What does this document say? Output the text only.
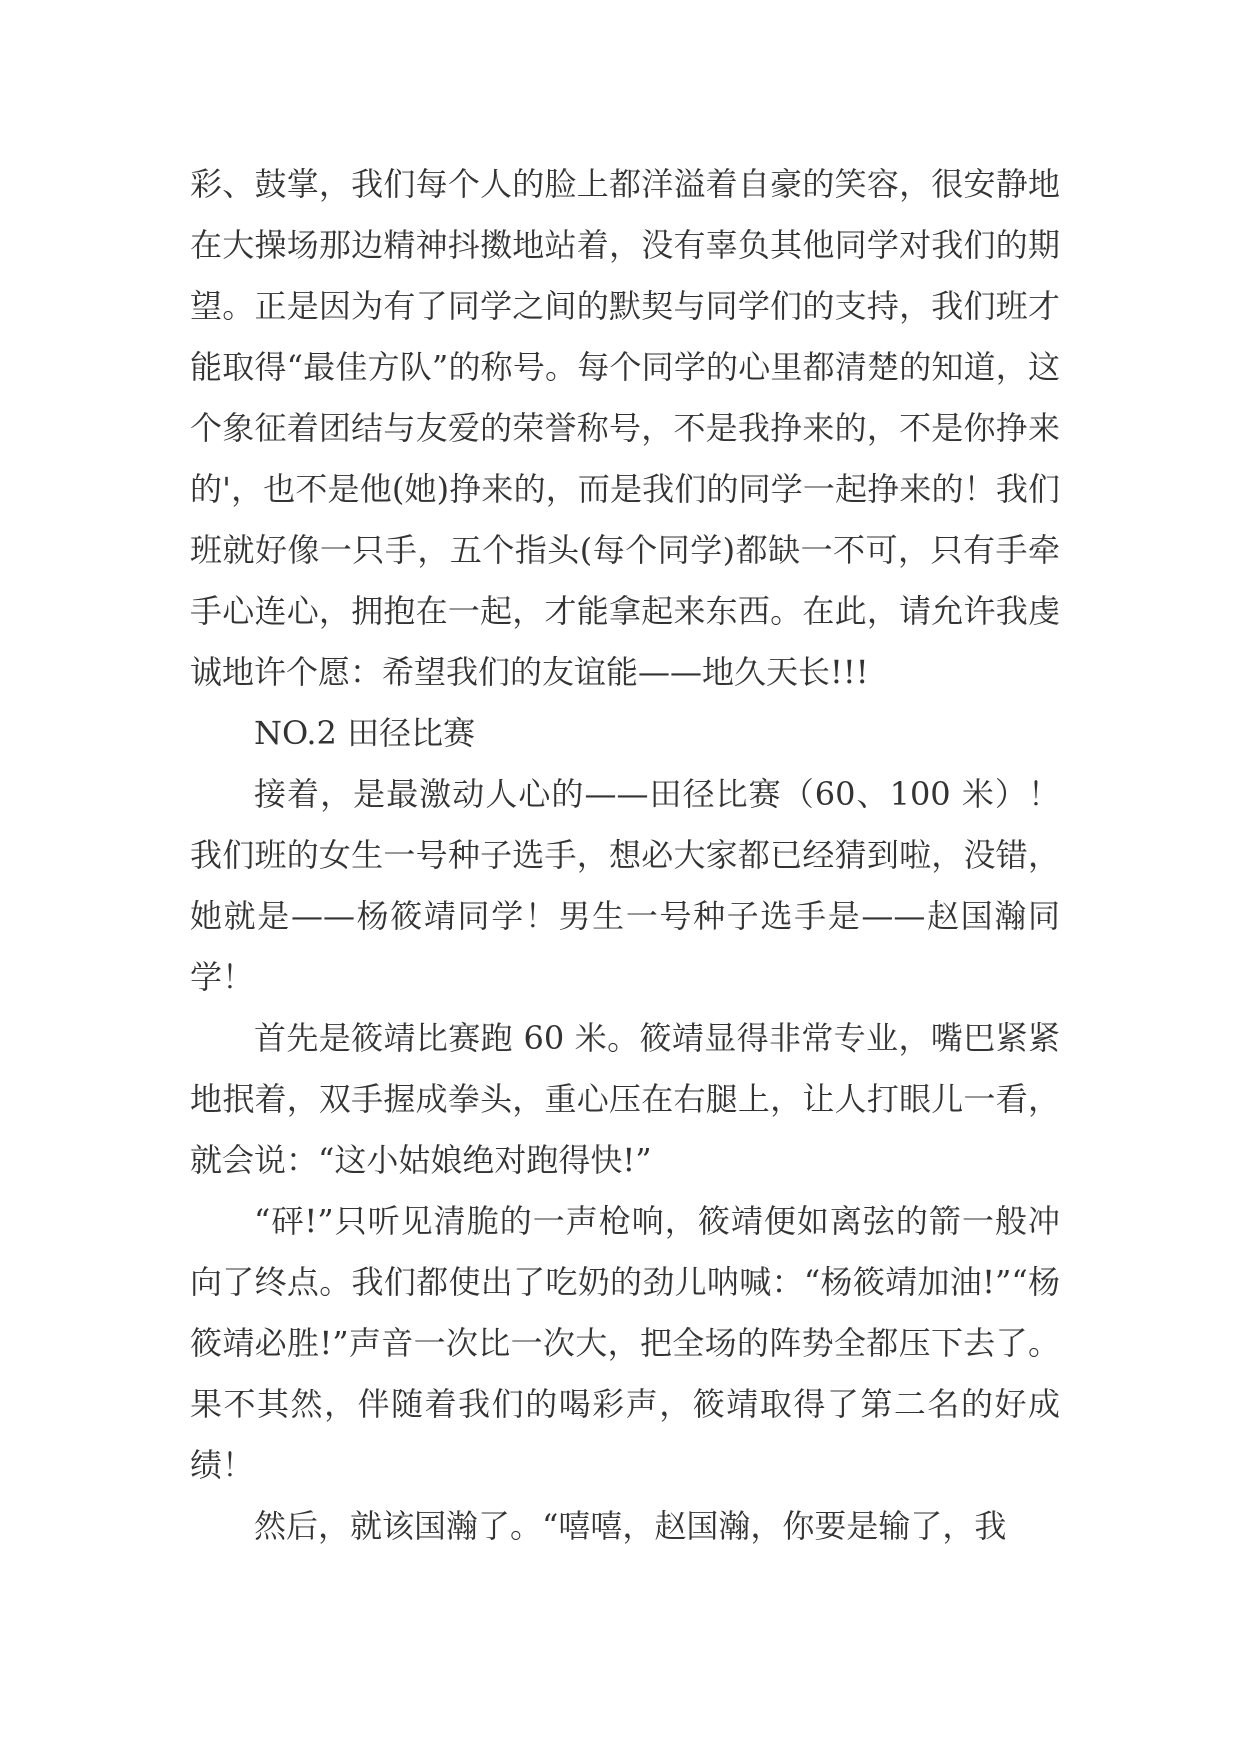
彩、鼓掌，我们每个人的脸上都洋溢着自豪的笑容，很安静地在大操场那边精神抖擞地站着，没有辜负其他同学对我们的期望。正是因为有了同学之间的默契与同学们的支持，我们班才能取得“最佳方队”的称号。每个同学的心里都清楚的知道，这个象征着团结与友爱的荣誉称号，不是我挣来的，不是你挣来的'，也不是他(她)挣来的，而是我们的同学一起挣来的！我们班就好像一只手，五个指头(每个同学)都缺一不可，只有手牵手心连心，拥抱在一起，才能拿起来东西。在此，请允许我虔诚地许个愿：希望我们的友谊能——地久天长!!!

NO.2 田径比赛

接着，是最激动人心的——田径比赛（60、100 米）！我们班的女生一号种子选手，想必大家都已经猜到啦，没错，她就是——杨筱靖同学！男生一号种子选手是——赵国瀚同学！

首先是筱靖比赛跑 60 米。筱靖显得非常专业，嘴巴紧紧地抿着，双手握成拳头，重心压在右腿上，让人打眼儿一看，就会说：“这小姑娘绝对跑得快!”

“砰!”只听见清脆的一声枪响，筱靖便如离弦的箭一般冲向了终点。我们都使出了吃奶的劲儿呐喊：“杨筱靖加油!”“杨筱靖必胜!”声音一次比一次大，把全场的阵势全都压下去了。果不其然，伴随着我们的喝彩声，筱靖取得了第二名的好成绩！

然后，就该国瀚了。“嘻嘻，赵国瀚，你要是输了，我
